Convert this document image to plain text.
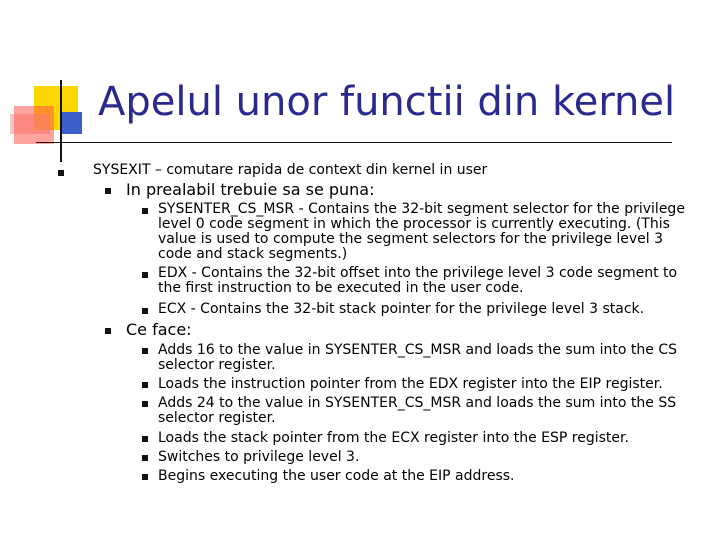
Apelul unor functii din kernel

SYSEXIT – comutare rapida de context din kernel in user

In prealabil trebuie sa se puna:

SYSENTER_CS_MSR - Contains the 32-bit segment selector for the privilege level 0 code segment in which the processor is currently executing. (This value is used to compute the segment selectors for the privilege level 3 code and stack segments.)

EDX - Contains the 32-bit offset into the privilege level 3 code segment to the first instruction to be executed in the user code.

ECX - Contains the 32-bit stack pointer for the privilege level 3 stack.

Ce face:

Adds 16 to the value in SYSENTER_CS_MSR and loads the sum into the CS selector register.

Loads the instruction pointer from the EDX register into the EIP register.

Adds 24 to the value in SYSENTER_CS_MSR and loads the sum into the SS selector register.

Loads the stack pointer from the ECX register into the ESP register.

Switches to privilege level 3.

Begins executing the user code at the EIP address.
